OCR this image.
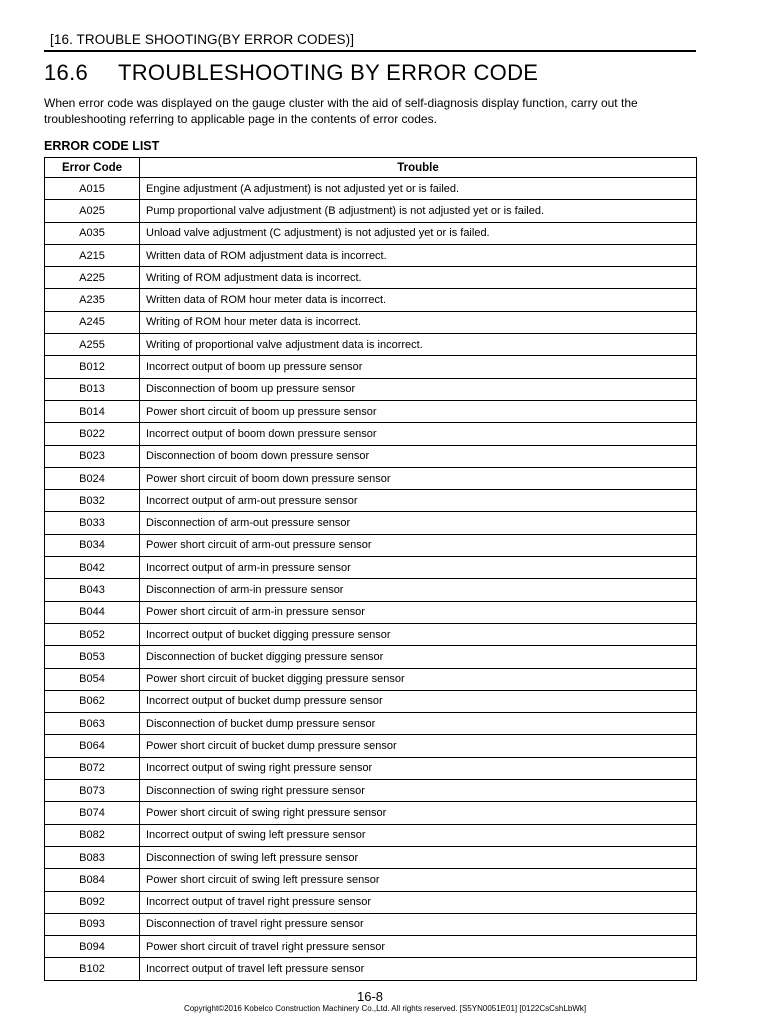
[16. TROUBLE SHOOTING(BY ERROR CODES)]
16.6 TROUBLESHOOTING BY ERROR CODE
When error code was displayed on the gauge cluster with the aid of self-diagnosis display function, carry out the troubleshooting referring to applicable page in the contents of error codes.
ERROR CODE LIST
Error Code	Trouble
A015	Engine adjustment (A adjustment) is not adjusted yet or is failed.
A025	Pump proportional valve adjustment (B adjustment) is not adjusted yet or is failed.
A035	Unload valve adjustment (C adjustment) is not adjusted yet or is failed.
A215	Written data of ROM adjustment data is incorrect.
A225	Writing of ROM adjustment data is incorrect.
A235	Written data of ROM hour meter data is incorrect.
A245	Writing of ROM hour meter data is incorrect.
A255	Writing of proportional valve adjustment data is incorrect.
B012	Incorrect output of boom up pressure sensor
B013	Disconnection of boom up pressure sensor
B014	Power short circuit of boom up pressure sensor
B022	Incorrect output of boom down pressure sensor
B023	Disconnection of boom down pressure sensor
B024	Power short circuit of boom down pressure sensor
B032	Incorrect output of arm-out pressure sensor
B033	Disconnection of arm-out pressure sensor
B034	Power short circuit of arm-out pressure sensor
B042	Incorrect output of arm-in pressure sensor
B043	Disconnection of arm-in pressure sensor
B044	Power short circuit of arm-in pressure sensor
B052	Incorrect output of bucket digging pressure sensor
B053	Disconnection of bucket digging pressure sensor
B054	Power short circuit of bucket digging pressure sensor
B062	Incorrect output of bucket dump pressure sensor
B063	Disconnection of bucket dump pressure sensor
B064	Power short circuit of bucket dump pressure sensor
B072	Incorrect output of swing right pressure sensor
B073	Disconnection of swing right pressure sensor
B074	Power short circuit of swing right pressure sensor
B082	Incorrect output of swing left pressure sensor
B083	Disconnection of swing left pressure sensor
B084	Power short circuit of swing left pressure sensor
B092	Incorrect output of travel right pressure sensor
B093	Disconnection of travel right pressure sensor
B094	Power short circuit of travel right pressure sensor
B102	Incorrect output of travel left pressure sensor
16-8
Copyright©2016 Kobelco Construction Machinery Co.,Ltd. All rights reserved. [S5YN0051E01] [0122CsCshLbWk]
